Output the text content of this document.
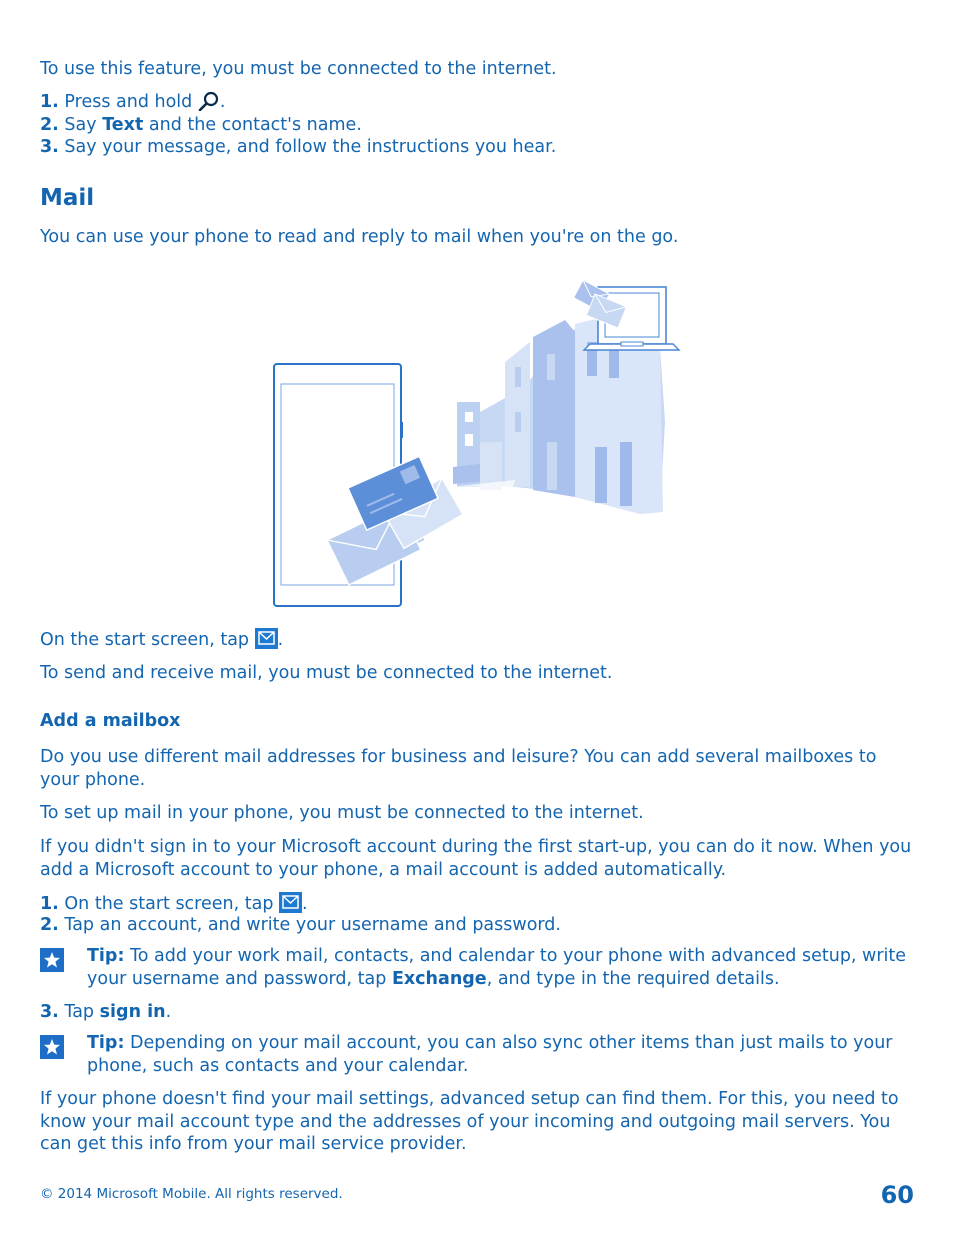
To use this feature, you must be connected to the internet.

1. Press and hold .

2. Say Text and the contact's name.

3. Say your message, and follow the instructions you hear.

Mail

You can use your phone to read and reply to mail when you're on the go.

On the start screen, tap .

To send and receive mail, you must be connected to the internet.

Add a mailbox

Do you use different mail addresses for business and leisure? You can add several mailboxes to your phone.

To set up mail in your phone, you must be connected to the internet.

If you didn't sign in to your Microsoft account during the first start-up, you can do it now. When you add a Microsoft account to your phone, a mail account is added automatically.

1. On the start screen, tap .

2. Tap an account, and write your username and password.

Tip: To add your work mail, contacts, and calendar to your phone with advanced setup, write your username and password, tap Exchange, and type in the required details.

3. Tap sign in.

Tip: Depending on your mail account, you can also sync other items than just mails to your phone, such as contacts and your calendar.

If your phone doesn't find your mail settings, advanced setup can find them. For this, you need to know your mail account type and the addresses of your incoming and outgoing mail servers. You can get this info from your mail service provider.

© 2014 Microsoft Mobile. All rights reserved.	60
